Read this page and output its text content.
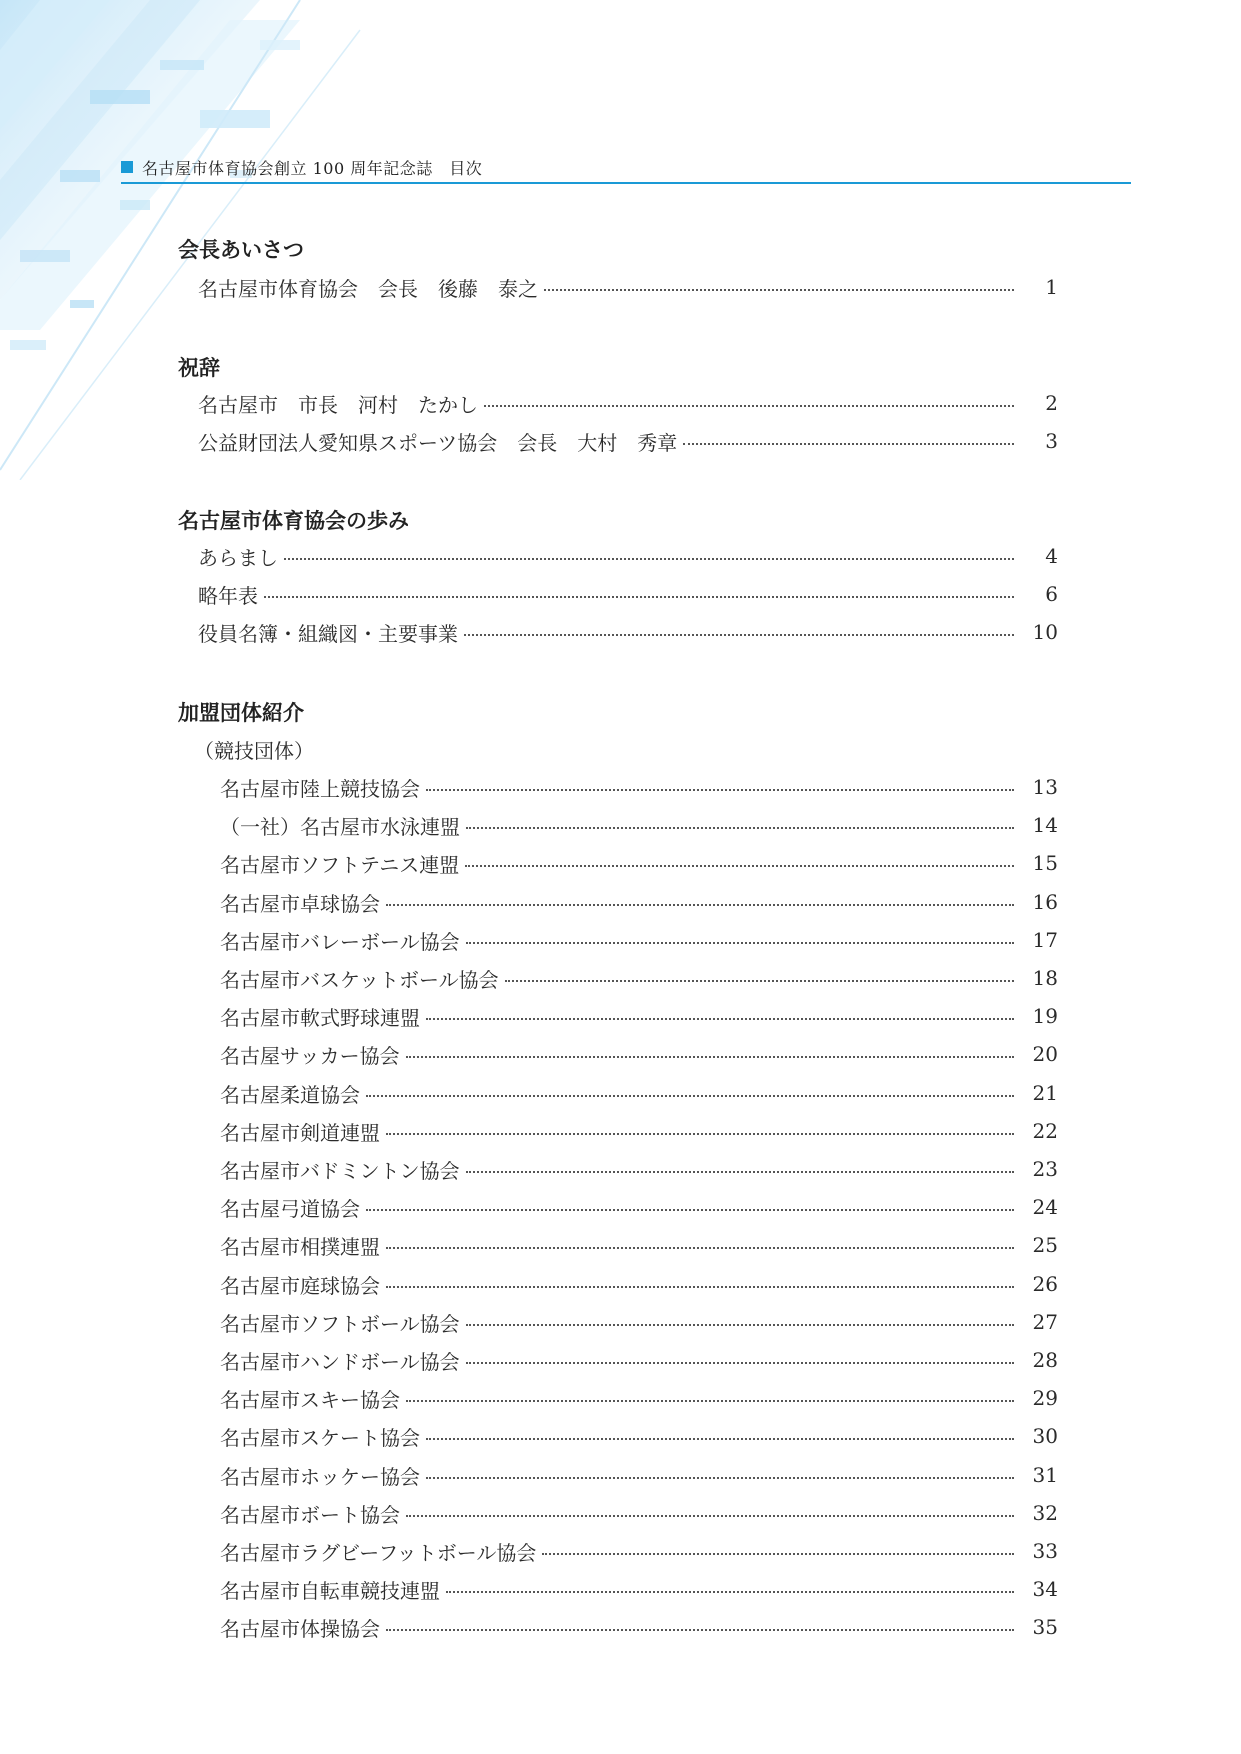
名古屋市体育協会創立 100 周年記念誌　目次
会長あいさつ
名古屋市体育協会　会長　後藤　泰之	1
祝辞
名古屋市　市長　河村　たかし	2
公益財団法人愛知県スポーツ協会　会長　大村　秀章	3
名古屋市体育協会の歩み
あらまし	4
略年表	6
役員名簿・組織図・主要事業	10
加盟団体紹介
（競技団体）
名古屋市陸上競技協会	13
（一社）名古屋市水泳連盟	14
名古屋市ソフトテニス連盟	15
名古屋市卓球協会	16
名古屋市バレーボール協会	17
名古屋市バスケットボール協会	18
名古屋市軟式野球連盟	19
名古屋サッカー協会	20
名古屋柔道協会	21
名古屋市剣道連盟	22
名古屋市バドミントン協会	23
名古屋弓道協会	24
名古屋市相撲連盟	25
名古屋市庭球協会	26
名古屋市ソフトボール協会	27
名古屋市ハンドボール協会	28
名古屋市スキー協会	29
名古屋市スケート協会	30
名古屋市ホッケー協会	31
名古屋市ボート協会	32
名古屋市ラグビーフットボール協会	33
名古屋市自転車競技連盟	34
名古屋市体操協会	35
